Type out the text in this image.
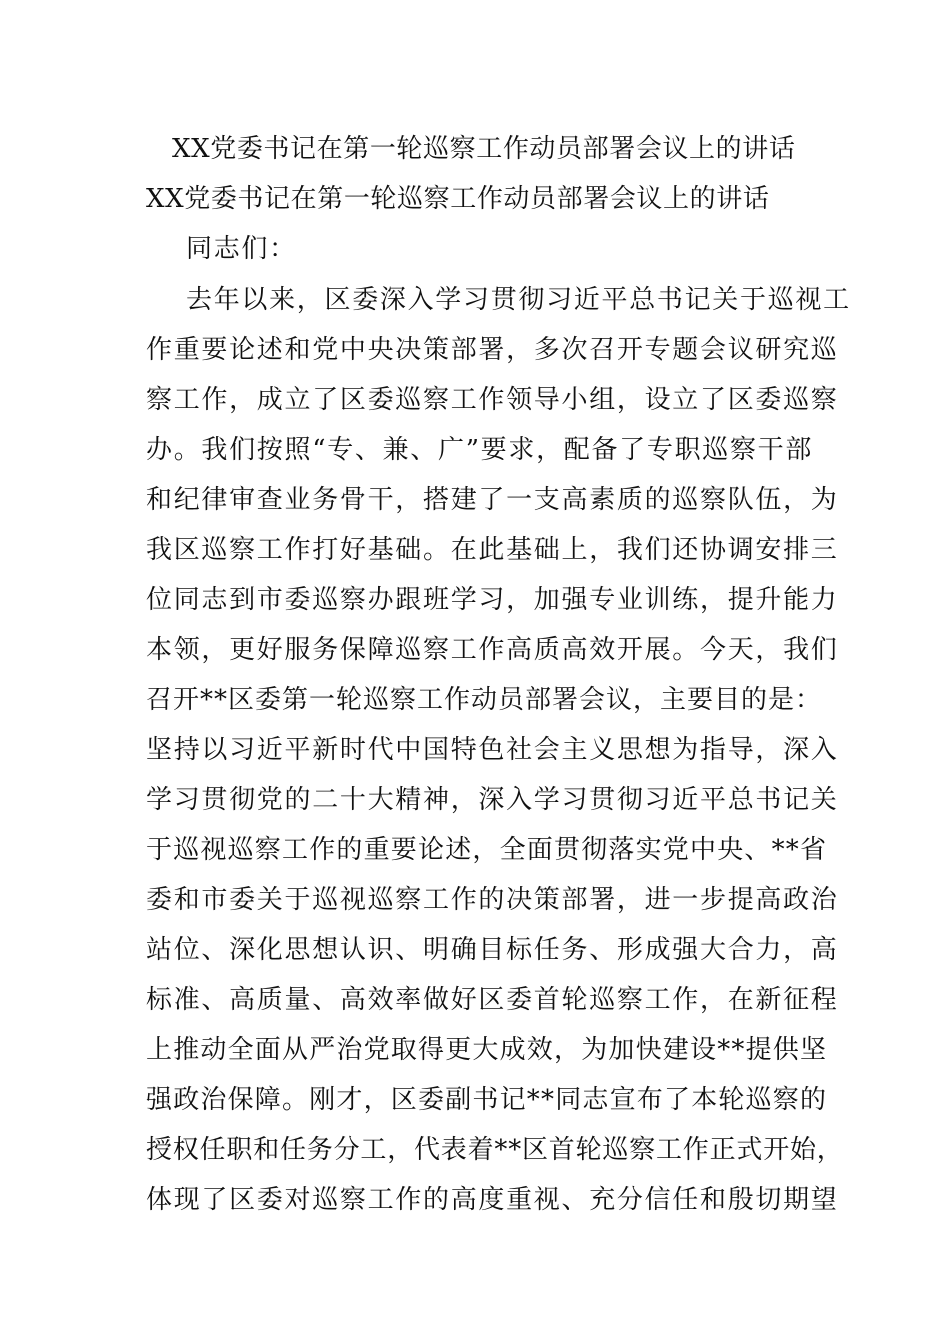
XX党委书记在第一轮巡察工作动员部署会议上的讲话
XX党委书记在第一轮巡察工作动员部署会议上的讲话
同志们：
去年以来，区委深入学习贯彻习近平总书记关于巡视工
作重要论述和党中央决策部署，多次召开专题会议研究巡
察工作，成立了区委巡察工作领导小组，设立了区委巡察
办。我们按照“专、兼、广”要求，配备了专职巡察干部
和纪律审查业务骨干，搭建了一支高素质的巡察队伍，为
我区巡察工作打好基础。在此基础上，我们还协调安排三
位同志到市委巡察办跟班学习，加强专业训练，提升能力
本领，更好服务保障巡察工作高质高效开展。今天，我们
召开**区委第一轮巡察工作动员部署会议，主要目的是：
坚持以习近平新时代中国特色社会主义思想为指导，深入
学习贯彻党的二十大精神，深入学习贯彻习近平总书记关
于巡视巡察工作的重要论述，全面贯彻落实党中央、**省
委和市委关于巡视巡察工作的决策部署，进一步提高政治
站位、深化思想认识、明确目标任务、形成强大合力，高
标准、高质量、高效率做好区委首轮巡察工作，在新征程
上推动全面从严治党取得更大成效，为加快建设**提供坚
强政治保障。刚才，区委副书记**同志宣布了本轮巡察的
授权任职和任务分工，代表着**区首轮巡察工作正式开始，
体现了区委对巡察工作的高度重视、充分信任和殷切期望
